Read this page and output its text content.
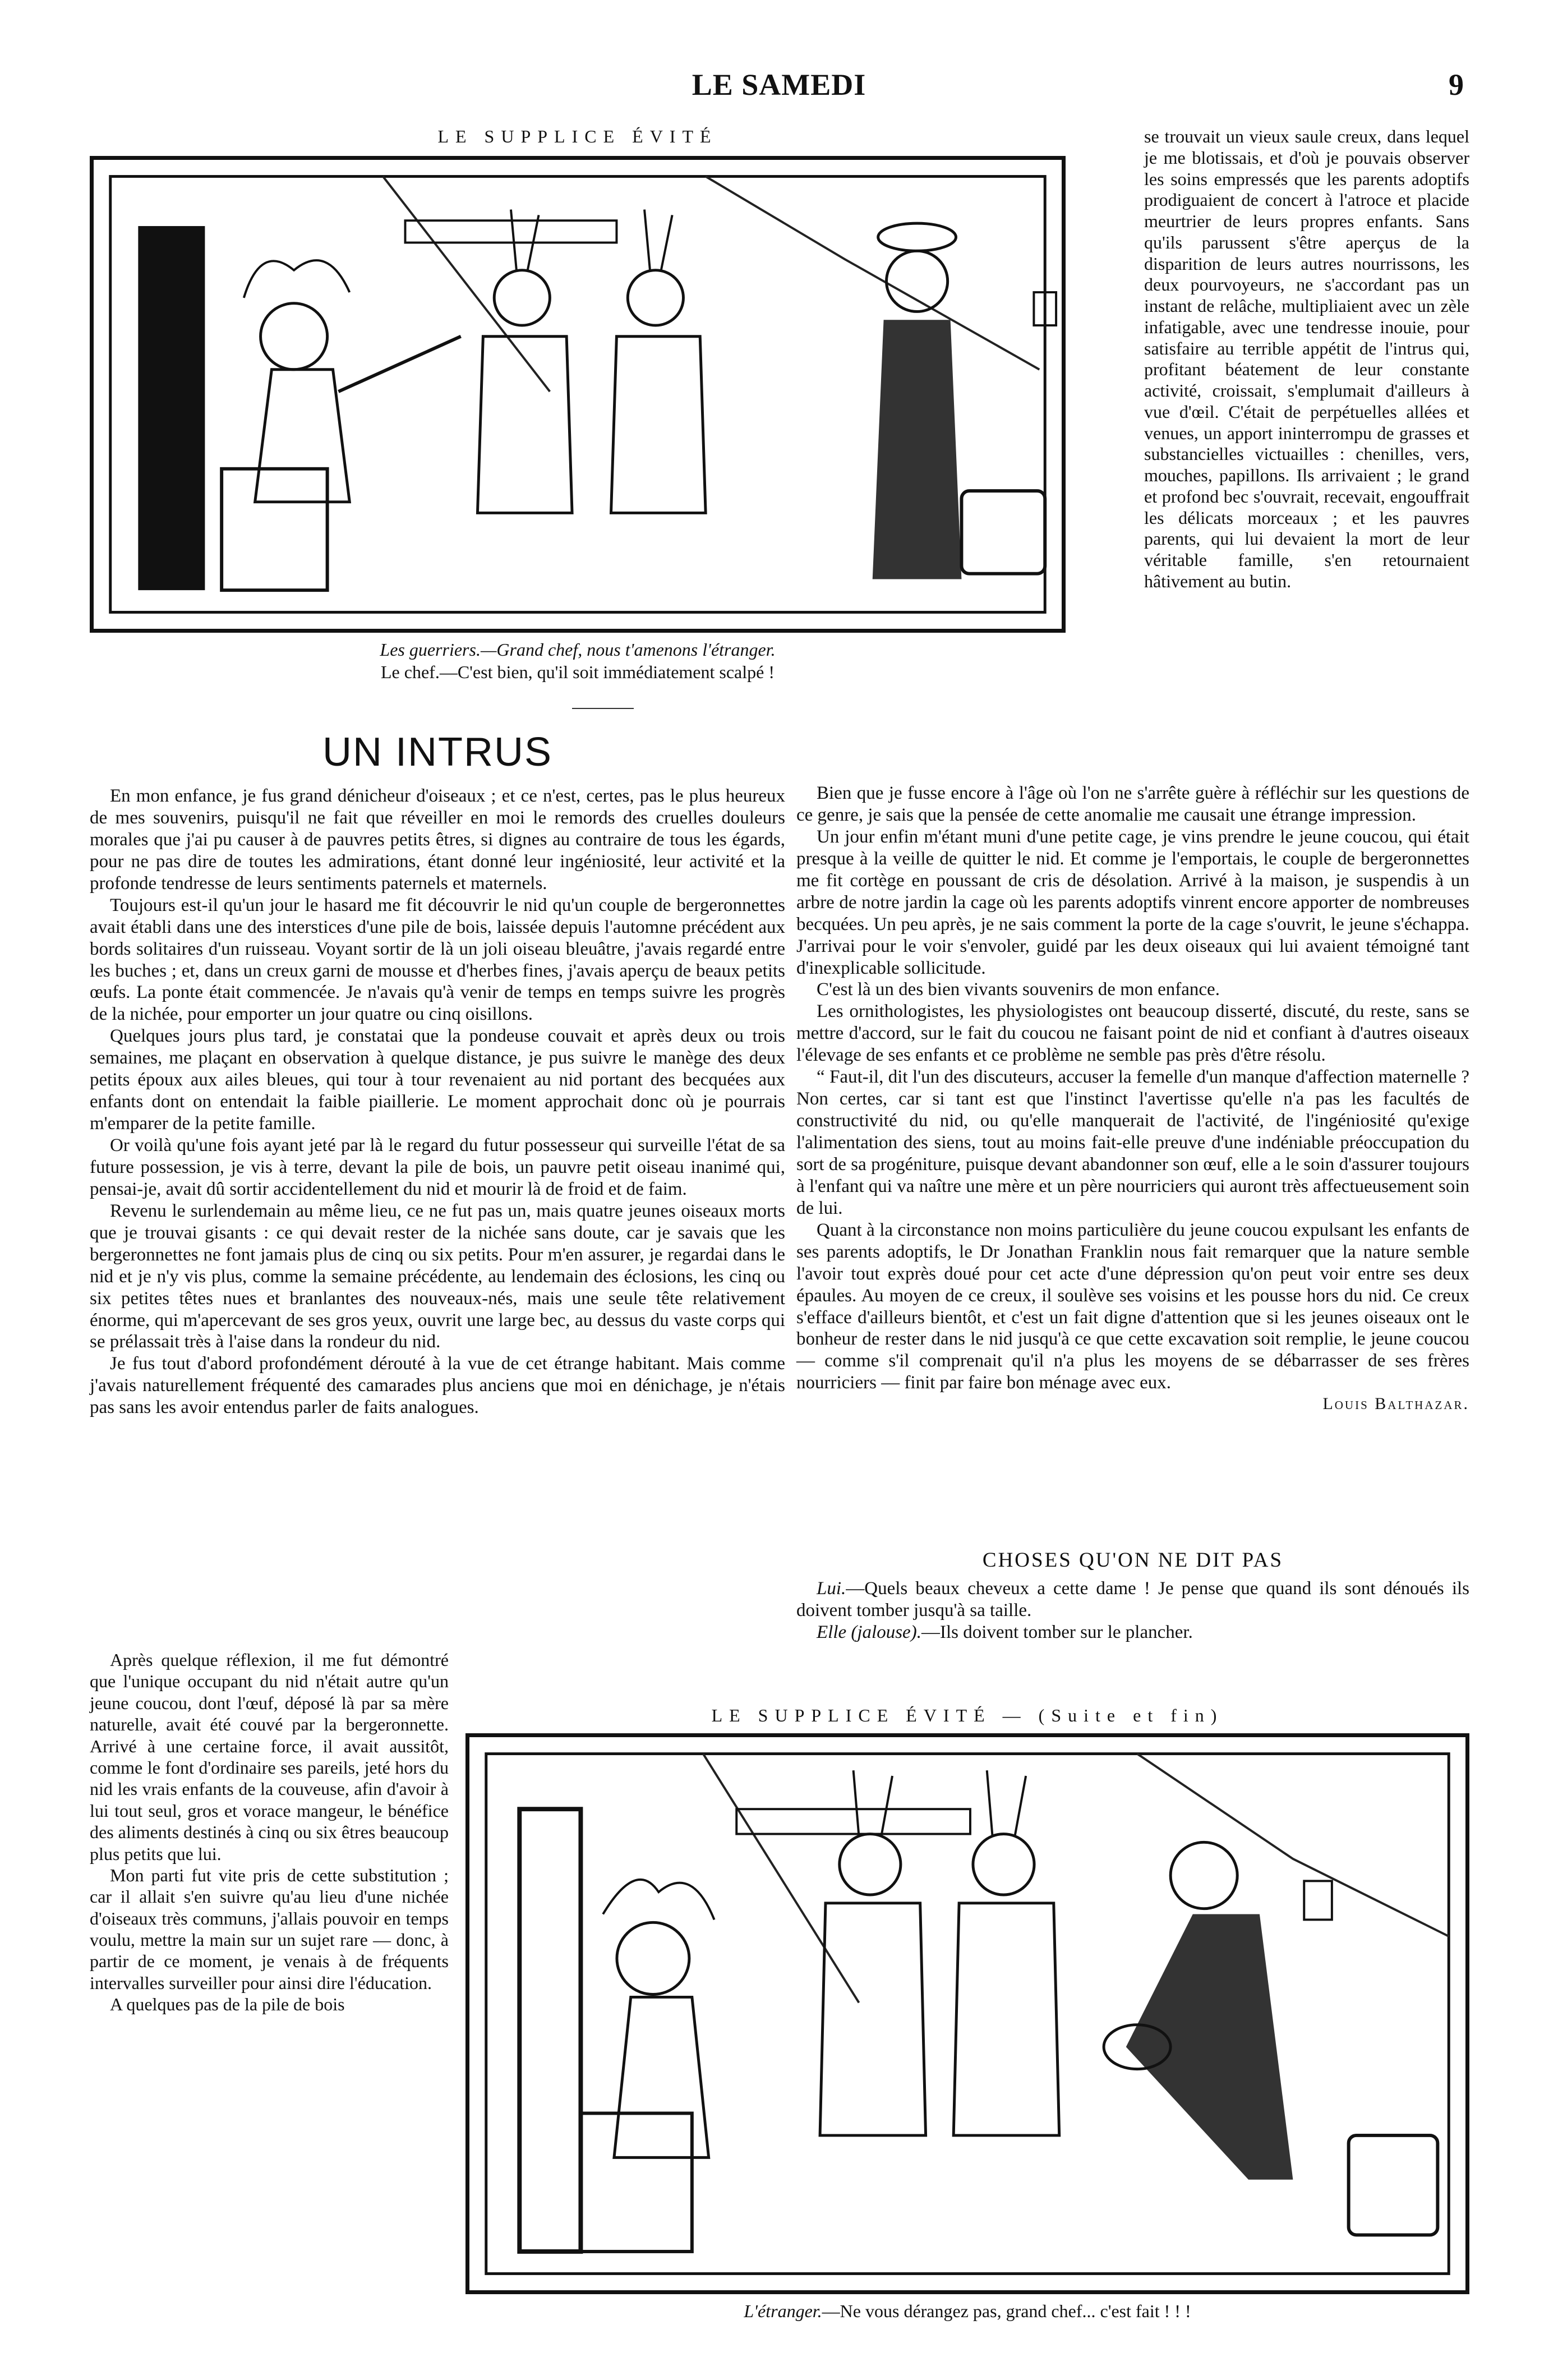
LE SAMEDI	9
LE SUPPLICE ÉVITÉ
Les guerriers.—Grand chef, nous t'amenons l'étranger.
Le chef.—C'est bien, qu'il soit immédiatement scalpé !
UN INTRUS

En mon enfance, je fus grand dénicheur d'oiseaux ; et ce n'est, certes, pas le plus heureux de mes souvenirs, puisqu'il ne fait que réveiller en moi le remords des cruelles douleurs morales que j'ai pu causer à de pauvres petits êtres, si dignes au contraire de tous les égards, pour ne pas dire de toutes les admirations, étant donné leur ingéniosité, leur activité et la profonde tendresse de leurs sentiments paternels et maternels.

Toujours est-il qu'un jour le hasard me fit découvrir le nid qu'un couple de bergeronnettes avait établi dans une des interstices d'une pile de bois, laissée depuis l'automne précédent aux bords solitaires d'un ruisseau. Voyant sortir de là un joli oiseau bleuâtre, j'avais regardé entre les buches ; et, dans un creux garni de mousse et d'herbes fines, j'avais aperçu de beaux petits œufs. La ponte était commencée. Je n'avais qu'à venir de temps en temps suivre les progrès de la nichée, pour emporter un jour quatre ou cinq oisillons.

Quelques jours plus tard, je constatai que la pondeuse couvait et après deux ou trois semaines, me plaçant en observation à quelque distance, je pus suivre le manège des deux petits époux aux ailes bleues, qui tour à tour revenaient au nid portant des becquées aux enfants dont on entendait la faible piaillerie. Le moment approchait donc où je pourrais m'emparer de la petite famille.

Or voilà qu'une fois ayant jeté par là le regard du futur possesseur qui surveille l'état de sa future possession, je vis à terre, devant la pile de bois, un pauvre petit oiseau inanimé qui, pensai-je, avait dû sortir accidentellement du nid et mourir là de froid et de faim.

Revenu le surlendemain au même lieu, ce ne fut pas un, mais quatre jeunes oiseaux morts que je trouvai gisants : ce qui devait rester de la nichée sans doute, car je savais que les bergeronnettes ne font jamais plus de cinq ou six petits. Pour m'en assurer, je regardai dans le nid et je n'y vis plus, comme la semaine précédente, au lendemain des éclosions, les cinq ou six petites têtes nues et branlantes des nouveaux-nés, mais une seule tête relativement énorme, qui m'apercevant de ses gros yeux, ouvrit une large bec, au dessus du vaste corps qui se prélassait très à l'aise dans la rondeur du nid.

Je fus tout d'abord profondément dérouté à la vue de cet étrange habitant. Mais comme j'avais naturellement fréquenté des camarades plus anciens que moi en dénichage, je n'étais pas sans les avoir entendus parler de faits analogues.

Après quelque réflexion, il me fut démontré que l'unique occupant du nid n'était autre qu'un jeune coucou, dont l'œuf, déposé là par sa mère naturelle, avait été couvé par la bergeronnette. Arrivé à une certaine force, il avait aussitôt, comme le font d'ordinaire ses pareils, jeté hors du nid les vrais enfants de la couveuse, afin d'avoir à lui tout seul, gros et vorace mangeur, le bénéfice des aliments destinés à cinq ou six êtres beaucoup plus petits que lui.

Mon parti fut vite pris de cette substitution ; car il allait s'en suivre qu'au lieu d'une nichée d'oiseaux très communs, j'allais pouvoir en temps voulu, mettre la main sur un sujet rare — donc, à partir de ce moment, je venais à de fréquents intervalles surveiller pour ainsi dire l'éducation.

A quelques pas de la pile de bois

se trouvait un vieux saule creux, dans lequel je me blotissais, et d'où je pouvais observer les soins empressés que les parents adoptifs prodiguaient de concert à l'atroce et placide meurtrier de leurs propres enfants. Sans qu'ils parussent s'être aperçus de la disparition de leurs autres nourrissons, les deux pourvoyeurs, ne s'accordant pas un instant de relâche, multipliaient avec un zèle infatigable, avec une tendresse inouie, pour satisfaire au terrible appétit de l'intrus qui, profitant béatement de leur constante activité, croissait, s'emplumait d'ailleurs à vue d'œil. C'était de perpétuelles allées et venues, un apport ininterrompu de grasses et substancielles victuailles : chenilles, vers, mouches, papillons. Ils arrivaient ; le grand et profond bec s'ouvrait, recevait, engouffrait les délicats morceaux ; et les pauvres parents, qui lui devaient la mort de leur véritable famille, s'en retournaient hâtivement au butin.

Bien que je fusse encore à l'âge où l'on ne s'arrête guère à réfléchir sur les questions de ce genre, je sais que la pensée de cette anomalie me causait une étrange impression.

Un jour enfin m'étant muni d'une petite cage, je vins prendre le jeune coucou, qui était presque à la veille de quitter le nid. Et comme je l'emportais, le couple de bergeronnettes me fit cortège en poussant de cris de désolation. Arrivé à la maison, je suspendis à un arbre de notre jardin la cage où les parents adoptifs vinrent encore apporter de nombreuses becquées. Un peu après, je ne sais comment la porte de la cage s'ouvrit, le jeune s'échappa. J'arrivai pour le voir s'envoler, guidé par les deux oiseaux qui lui avaient témoigné tant d'inexplicable sollicitude.

C'est là un des bien vivants souvenirs de mon enfance.

Les ornithologistes, les physiologistes ont beaucoup disserté, discuté, du reste, sans se mettre d'accord, sur le fait du coucou ne faisant point de nid et confiant à d'autres oiseaux l'élevage de ses enfants et ce problème ne semble pas près d'être résolu.

“ Faut-il, dit l'un des discuteurs, accuser la femelle d'un manque d'affection maternelle ? Non certes, car si tant est que l'instinct l'avertisse qu'elle n'a pas les facultés de constructivité du nid, ou qu'elle manquerait de l'activité, de l'ingéniosité qu'exige l'alimentation des siens, tout au moins fait-elle preuve d'une indéniable préoccupation du sort de sa progéniture, puisque devant abandonner son œuf, elle a le soin d'assurer toujours à l'enfant qui va naître une mère et un père nourriciers qui auront très affectueusement soin de lui.

Quant à la circonstance non moins particulière du jeune coucou expulsant les enfants de ses parents adoptifs, le Dr Jonathan Franklin nous fait remarquer que la nature semble l'avoir tout exprès doué pour cet acte d'une dépression qu'on peut voir entre ses deux épaules. Au moyen de ce creux, il soulève ses voisins et les pousse hors du nid. Ce creux s'efface d'ailleurs bientôt, et c'est un fait digne d'attention que si les jeunes oiseaux ont le bonheur de rester dans le nid jusqu'à ce que cette excavation soit remplie, le jeune coucou — comme s'il comprenait qu'il n'a plus les moyens de se débarrasser de ses frères nourriciers — finit par faire bon ménage avec eux.

Louis Balthazar.
CHOSES QU'ON NE DIT PAS

Lui.—Quels beaux cheveux a cette dame ! Je pense que quand ils sont dénoués ils doivent tomber jusqu'à sa taille.

Elle (jalouse).—Ils doivent tomber sur le plancher.

LE SUPPLICE ÉVITÉ — (Suite et fin)
L'étranger.—Ne vous dérangez pas, grand chef... c'est fait ! ! !
